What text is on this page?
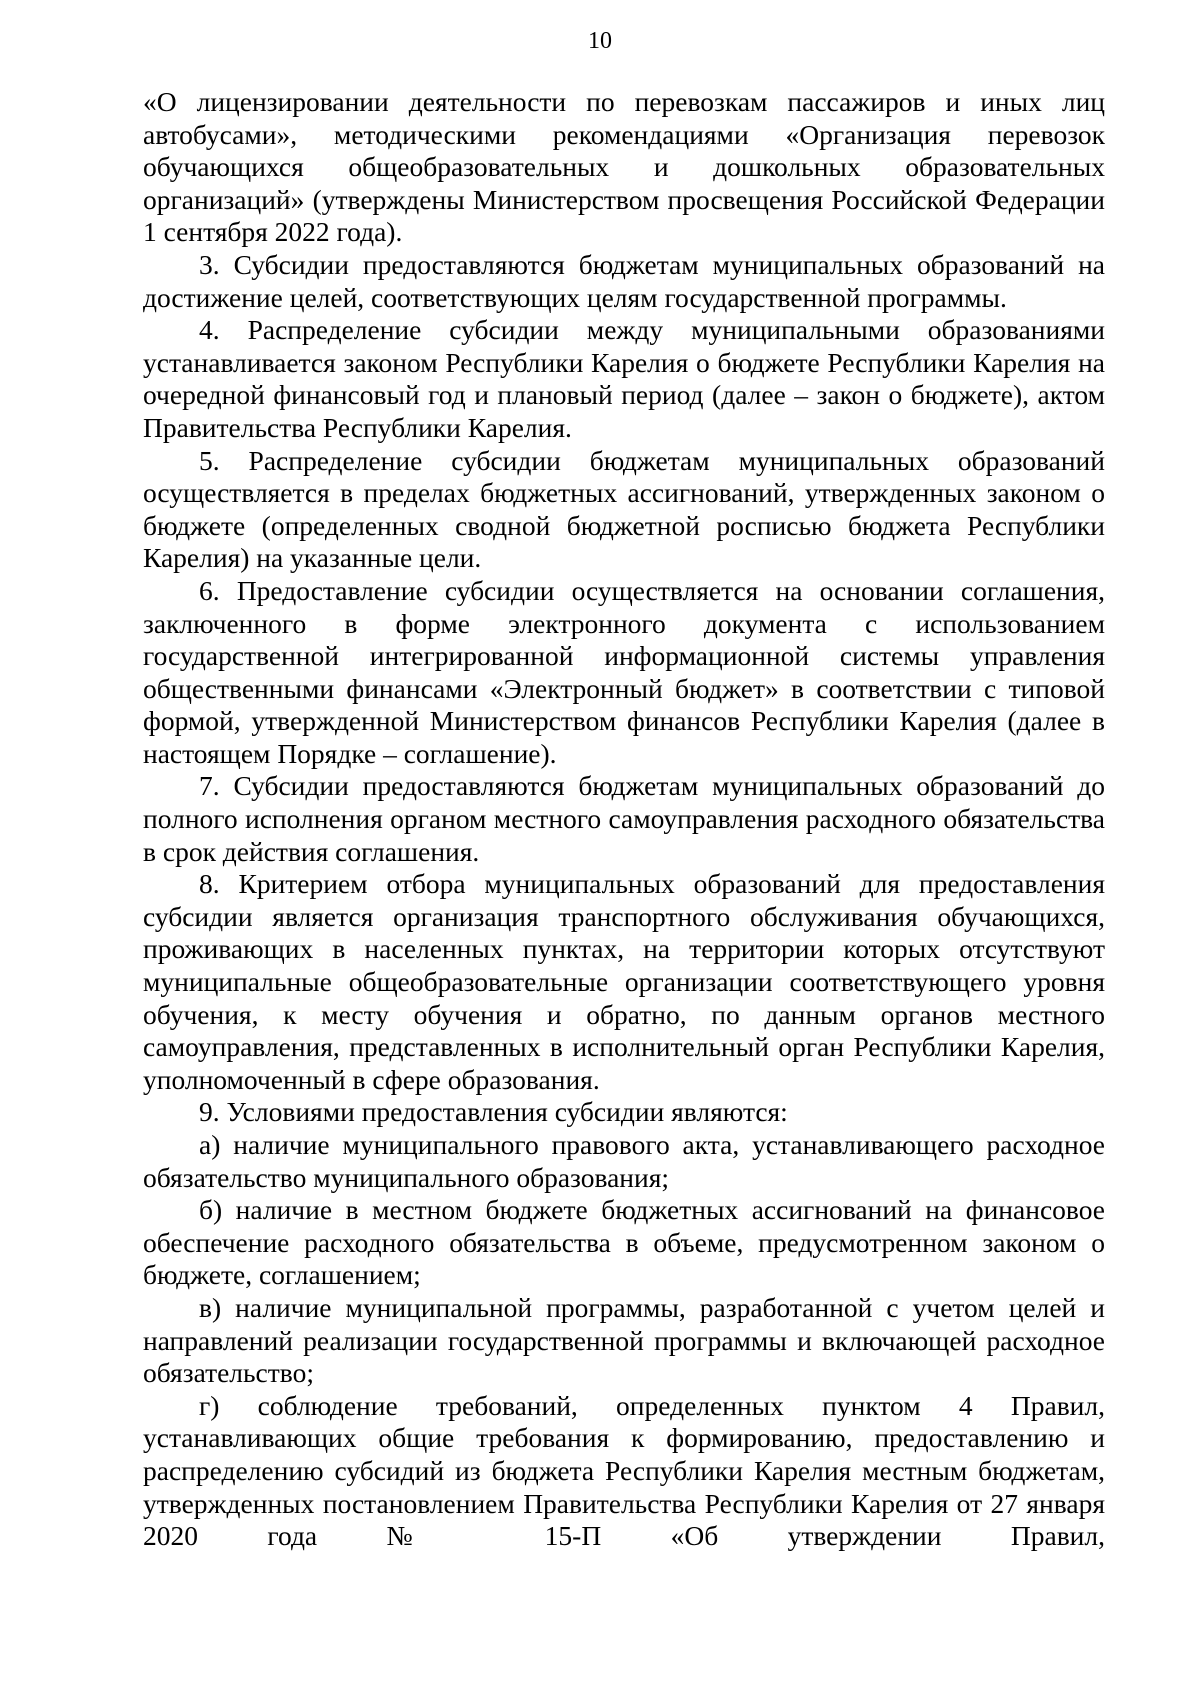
10

«О лицензировании деятельности по перевозкам пассажиров и иных лиц автобусами», методическими рекомендациями «Организация перевозок обучающихся общеобразовательных и дошкольных образовательных организаций» (утверждены Министерством просвещения Российской Федерации 1 сентября 2022 года).

3. Субсидии предоставляются бюджетам муниципальных образований на достижение целей, соответствующих целям государственной программы.

4. Распределение субсидии между муниципальными образованиями устанавливается законом Республики Карелия о бюджете Республики Карелия на очередной финансовый год и плановый период (далее – закон о бюджете), актом Правительства Республики Карелия.

5. Распределение субсидии бюджетам муниципальных образований осуществляется в пределах бюджетных ассигнований, утвержденных законом о бюджете (определенных сводной бюджетной росписью бюджета Республики Карелия) на указанные цели.

6. Предоставление субсидии осуществляется на основании соглашения, заключенного в форме электронного документа с использованием государственной интегрированной информационной системы управления общественными финансами «Электронный бюджет» в соответствии с типовой формой, утвержденной Министерством финансов Республики Карелия (далее в настоящем Порядке – соглашение).

7. Субсидии предоставляются бюджетам муниципальных образований до полного исполнения органом местного самоуправления расходного обязательства в срок действия соглашения.

8. Критерием отбора муниципальных образований для предоставления субсидии является организация транспортного обслуживания обучающихся, проживающих в населенных пунктах, на территории которых отсутствуют муниципальные общеобразовательные организации соответствующего уровня обучения, к месту обучения и обратно, по данным органов местного самоуправления, представленных в исполнительный орган Республики Карелия, уполномоченный в сфере образования.

9. Условиями предоставления субсидии являются:

а) наличие муниципального правового акта, устанавливающего расходное обязательство муниципального образования;

б) наличие в местном бюджете бюджетных ассигнований на финансовое обеспечение расходного обязательства в объеме, предусмотренном законом о бюджете, соглашением;

в) наличие муниципальной программы, разработанной с учетом целей и направлений реализации государственной программы и включающей расходное обязательство;

г) соблюдение требований, определенных пунктом 4 Правил, устанавливающих общие требования к формированию, предоставлению и распределению субсидий из бюджета Республики Карелия местным бюджетам, утвержденных постановлением Правительства Республики Карелия от 27 января 2020 года № 15-П «Об утверждении Правил,
